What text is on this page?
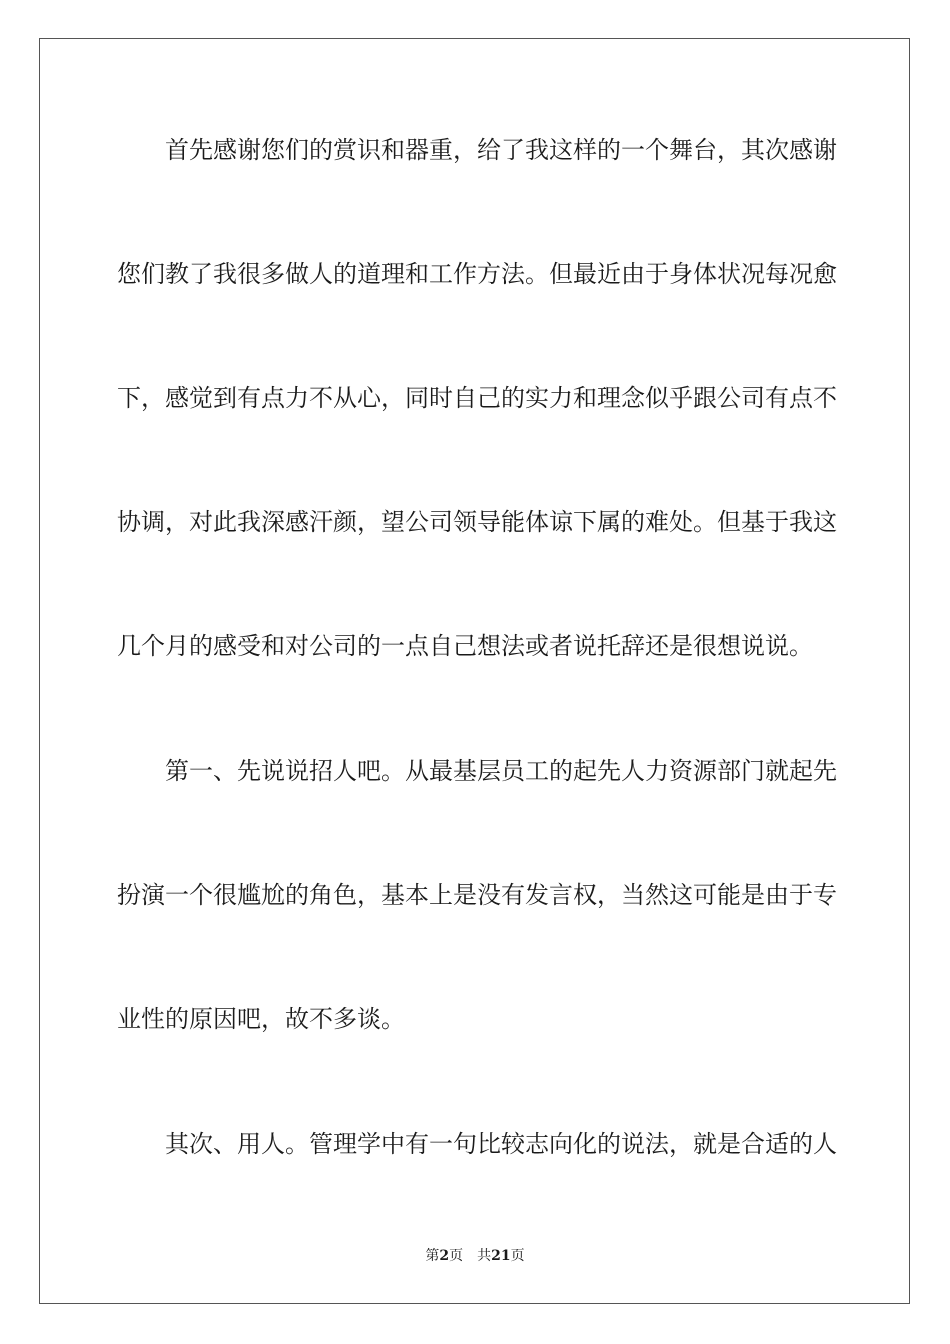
首先感谢您们的赏识和器重，给了我这样的一个舞台，其次感谢
您们教了我很多做人的道理和工作方法。但最近由于身体状况每况愈
下，感觉到有点力不从心，同时自己的实力和理念似乎跟公司有点不
协调，对此我深感汗颜，望公司领导能体谅下属的难处。但基于我这
几个月的感受和对公司的一点自己想法或者说托辞还是很想说说。
第一、先说说招人吧。从最基层员工的起先人力资源部门就起先
扮演一个很尴尬的角色，基本上是没有发言权，当然这可能是由于专
业性的原因吧，故不多谈。
其次、用人。管理学中有一句比较志向化的说法，就是合适的人
第2页 共21页
